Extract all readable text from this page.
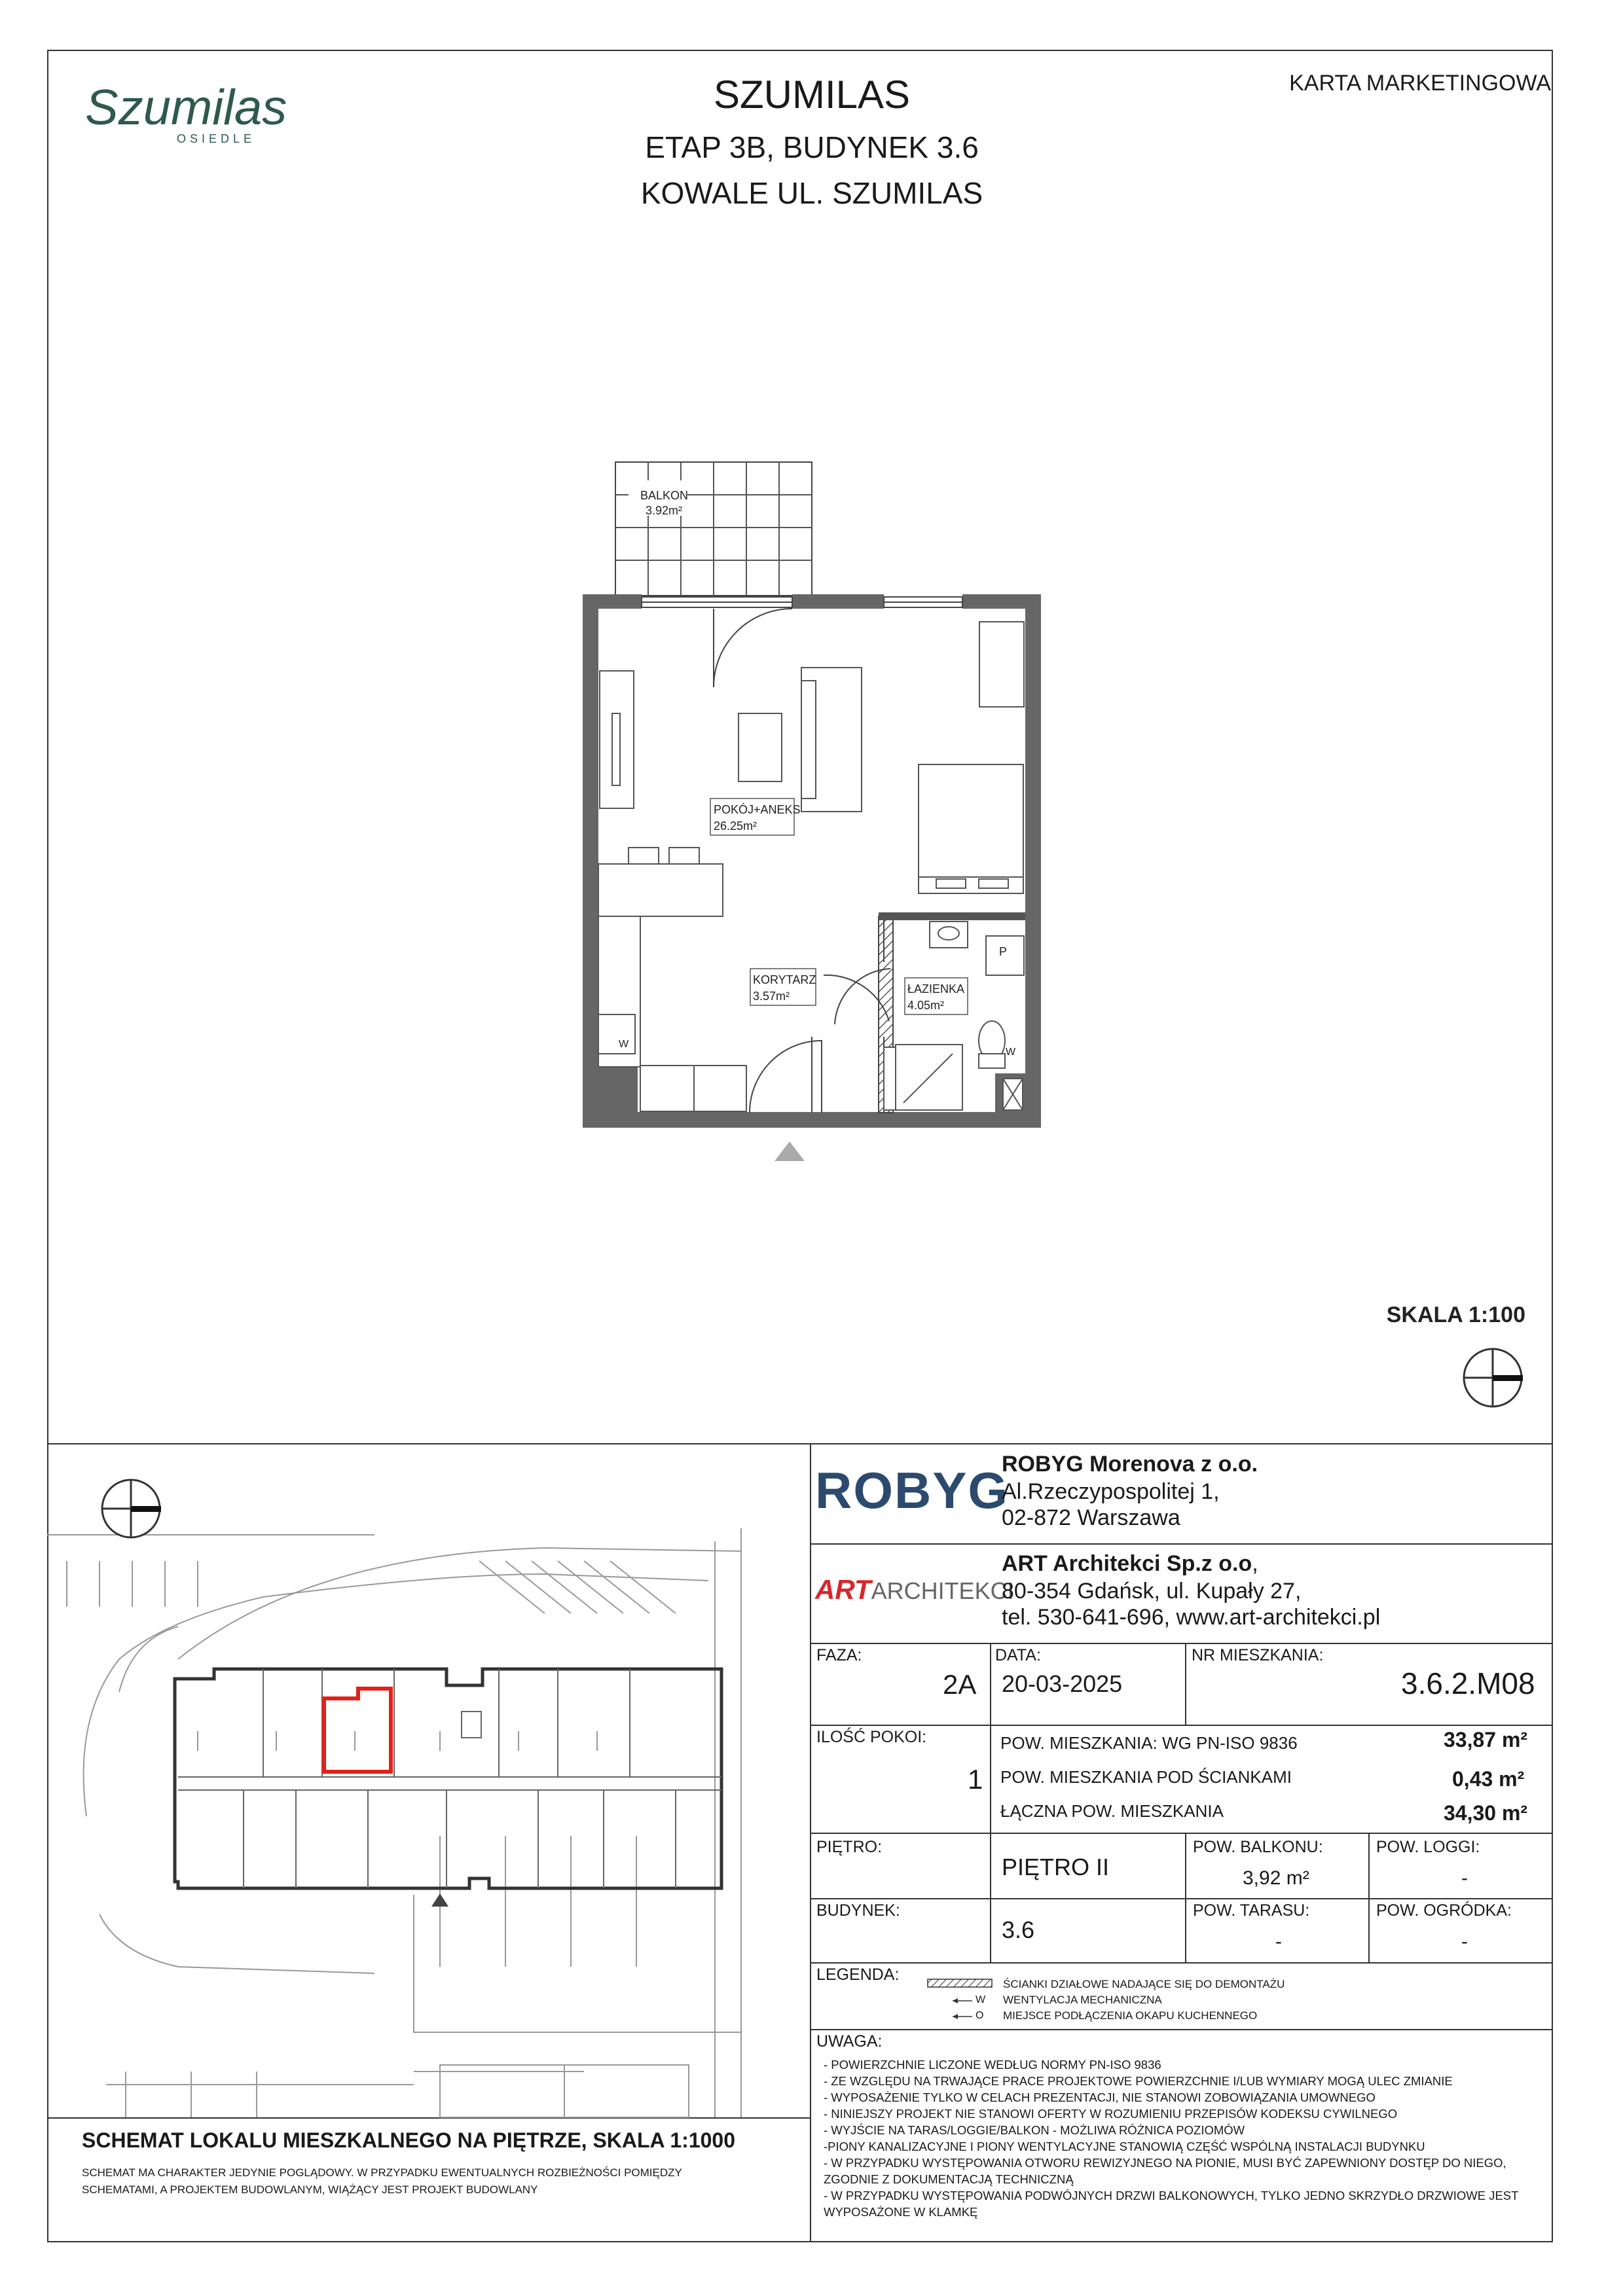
Szumilas
OSIEDLE
SZUMILAS
ETAP 3B, BUDYNEK 3.6
KOWALE UL. SZUMILAS
KARTA MARKETINGOWA
BALKON
3.92m²
POKÓJ+ANEKS
26.25m²
KORYTARZ
3.57m²
ŁAZIENKA
4.05m²
P
W
W
SKALA 1:100
SCHEMAT LOKALU MIESZKALNEGO NA PIĘTRZE, SKALA 1:1000
SCHEMAT MA CHARAKTER JEDYNIE POGLĄDOWY. W PRZYPADKU EWENTUALNYCH ROZBIEŻNOŚCI POMIĘDZY
SCHEMATAMI, A PROJEKTEM BUDOWLANYM, WIĄŻĄCY JEST PROJEKT BUDOWLANY
ROBYG
ROBYG Morenova z o.o.
Al.Rzeczypospolitej 1,
02-872 Warszawa
ARTARCHITEKCI
ART Architekci Sp.z o.o,
80-354 Gdańsk, ul. Kupały 27,
tel. 530-641-696, www.art-architekci.pl
FAZA:
2A
DATA:
20-03-2025
NR MIESZKANIA:
3.6.2.M08
ILOŚĆ POKOI:
1
POW. MIESZKANIA: WG PN-ISO 9836	33,87 m²
POW. MIESZKANIA POD ŚCIANKAMI	0,43 m²
ŁĄCZNA POW. MIESZKANIA	34,30 m²
PIĘTRO:
PIĘTRO II
POW. BALKONU:
3,92 m²
POW. LOGGI:
-
BUDYNEK:
3.6
POW. TARASU:
-
POW. OGRÓDKA:
-
LEGENDA:
W
O
ŚCIANKI DZIAŁOWE NADAJĄCE SIĘ DO DEMONTAŻU
WENTYLACJA MECHANICZNA
MIEJSCE PODŁĄCZENIA OKAPU KUCHENNEGO
UWAGA:
- POWIERZCHNIE LICZONE WEDŁUG NORMY PN-ISO 9836
- ZE WZGLĘDU NA TRWAJĄCE PRACE PROJEKTOWE POWIERZCHNIE I/LUB WYMIARY MOGĄ ULEC ZMIANIE
- WYPOSAŻENIE TYLKO W CELACH PREZENTACJI, NIE STANOWI ZOBOWIĄZANIA UMOWNEGO
- NINIEJSZY PROJEKT NIE STANOWI OFERTY W ROZUMIENIU PRZEPISÓW KODEKSU CYWILNEGO
- WYJŚCIE NA TARAS/LOGGIE/BALKON - MOŻLIWA RÓŻNICA POZIOMÓW
-PIONY KANALIZACYJNE I PIONY WENTYLACYJNE STANOWIĄ CZĘŚĆ WSPÓLNĄ INSTALACJI BUDYNKU
- W PRZYPADKU WYSTĘPOWANIA OTWORU REWIZYJNEGO NA PIONIE, MUSI BYĆ ZAPEWNIONY DOSTĘP DO NIEGO,
ZGODNIE Z DOKUMENTACJĄ TECHNICZNĄ
- W PRZYPADKU WYSTĘPOWANIA PODWÓJNYCH DRZWI BALKONOWYCH, TYLKO JEDNO SKRZYDŁO DRZWIOWE JEST
WYPOSAŻONE W KLAMKĘ
